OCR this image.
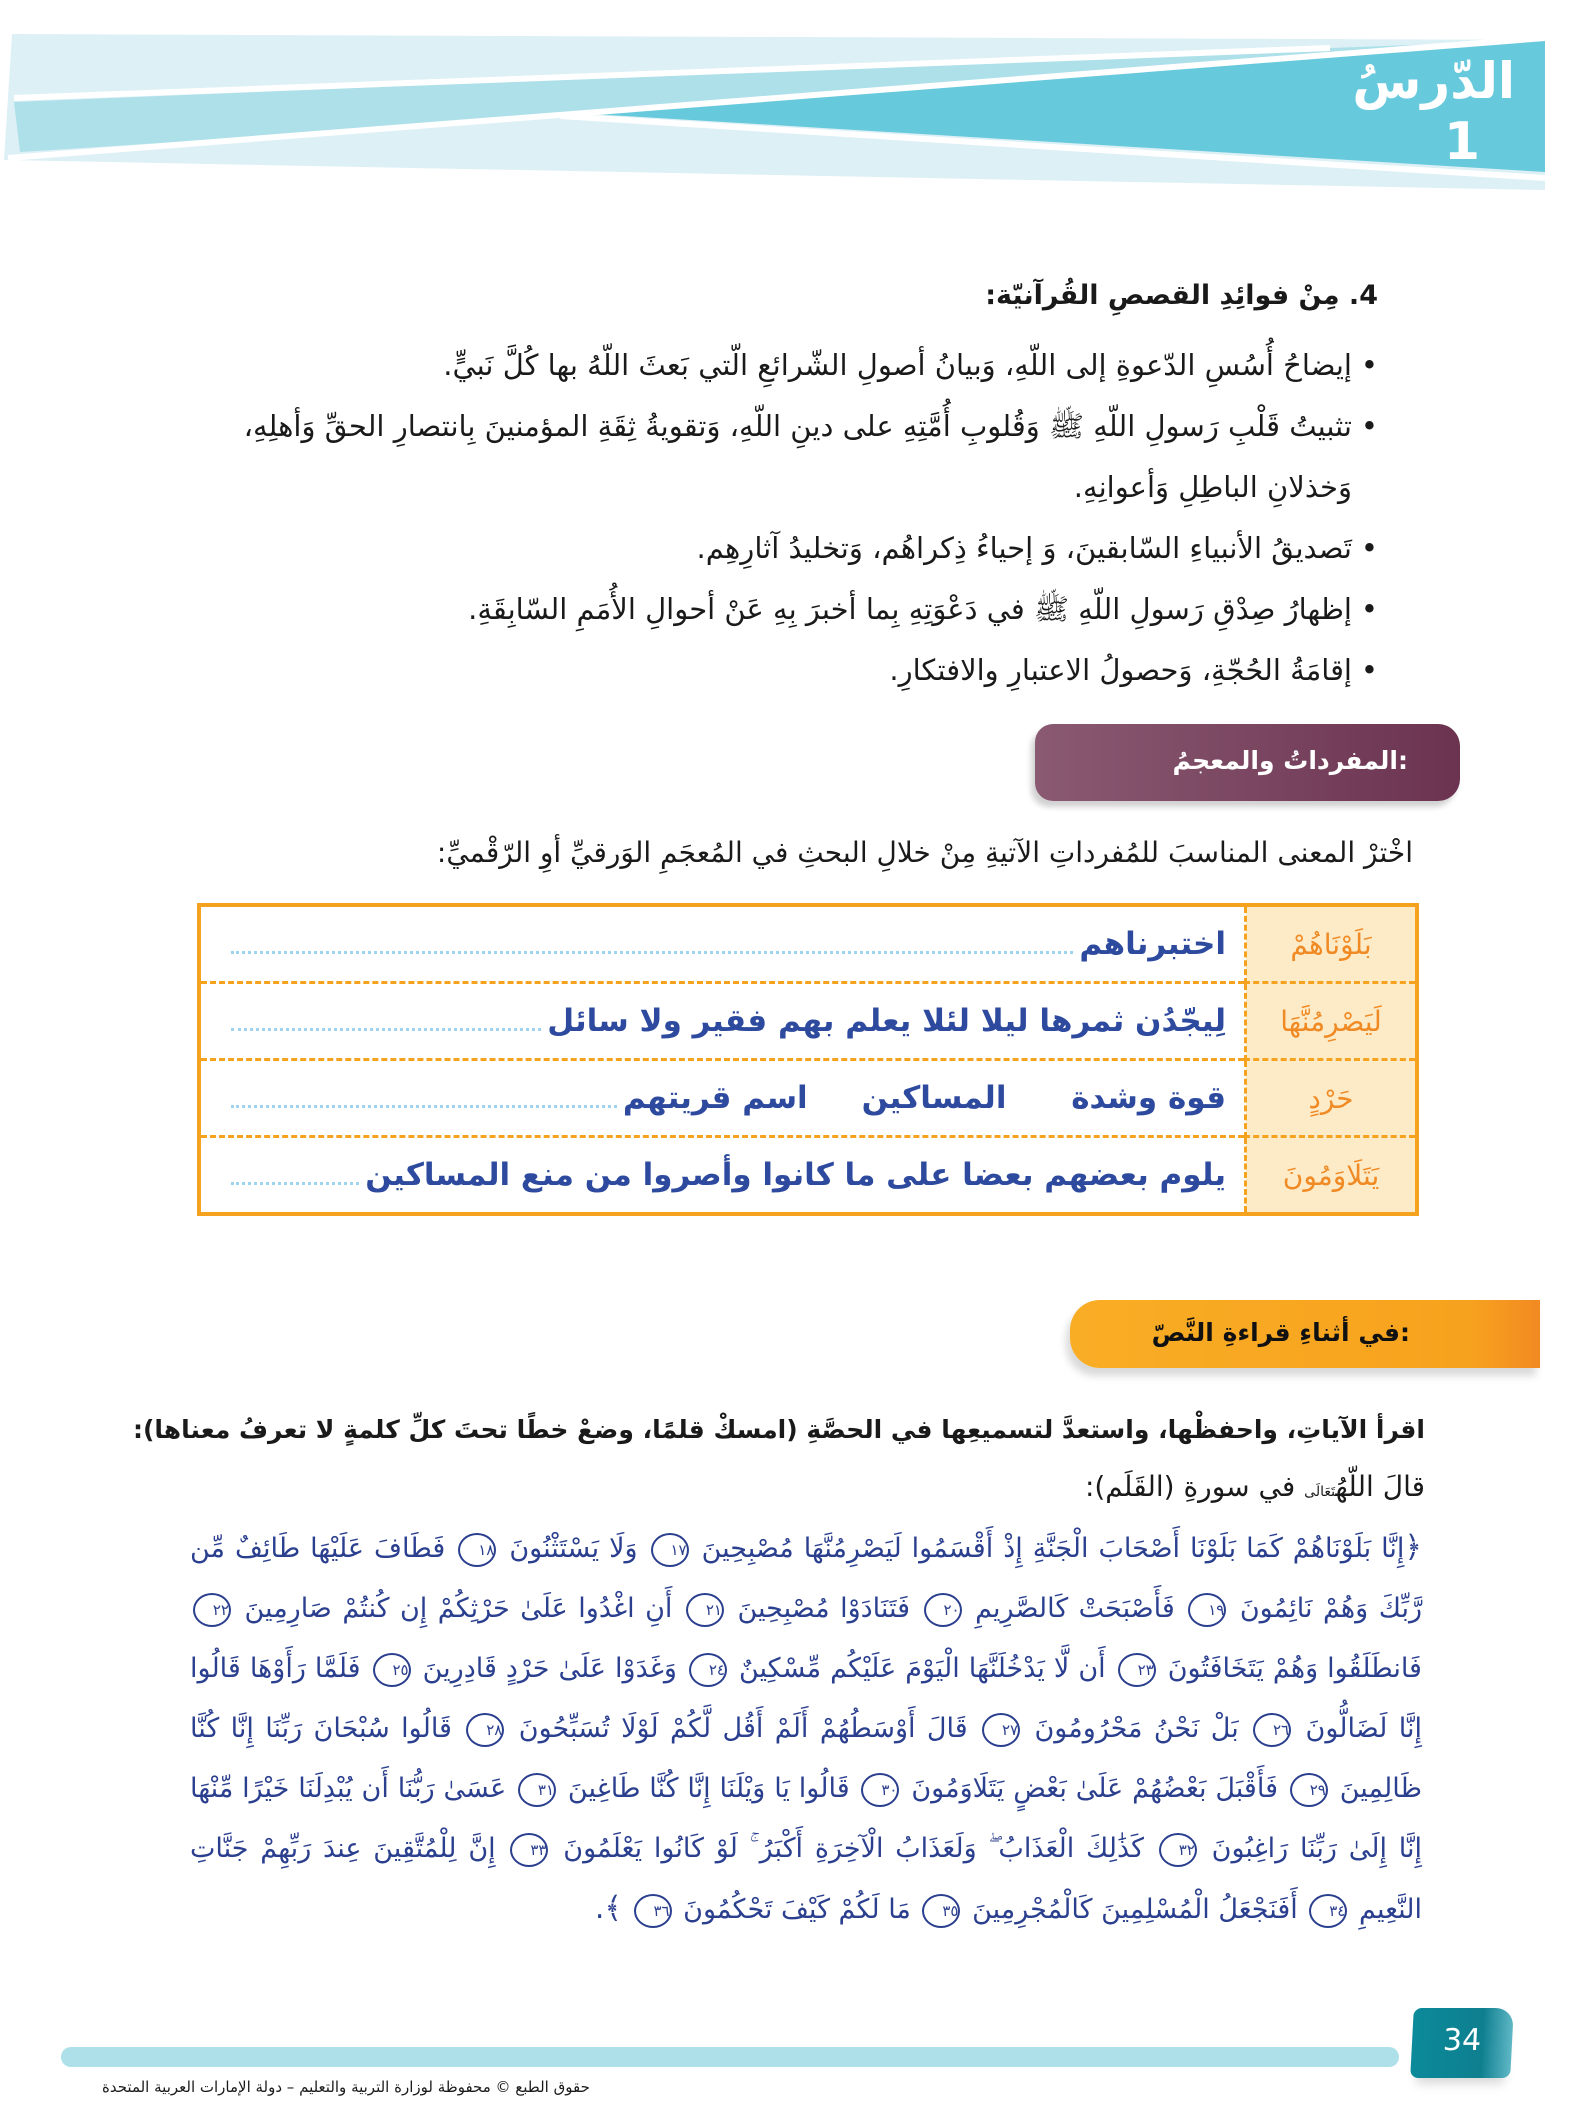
الدّرسُ
1
4. مِنْ فوائِدِ القصصِ القُرآنيّة:
• إيضاحُ أُسُسِ الدّعوةِ إلى اللّهِ، وَبيانُ أصولِ الشّرائعِ الّتي بَعثَ اللّهُ بها كُلَّ نَبيٍّ.
• تثبيتُ قَلْبِ رَسولِ اللّهِ ﷺ وَقُلوبِ أُمَّتِهِ على دينِ اللّهِ، وَتقويةُ ثِقَةِ المؤمنينَ بِانتصارِ الحقِّ وَأهلِهِ، وَخذلانِ الباطِلِ وَأعوانِهِ.
• تَصديقُ الأنبياءِ السّابقينَ، وَ إحياءُ ذِكراهُم، وَتخليدُ آثارِهِم.
• إظهارُ صِدْقِ رَسولِ اللّهِ ﷺ في دَعْوَتِهِ بِما أخبرَ بِهِ عَنْ أحوالِ الأُمَمِ السّابِقَةِ.
• إقامَةُ الحُجّةِ، وَحصولُ الاعتبارِ والافتكارِ.
المفرداتُ والمعجمُ:
اخْترْ المعنى المناسبَ للمُفرداتِ الآتيةِ مِنْ خلالِ البحثِ في المُعجَمِ الوَرقيِّ أوِ الرّقْميِّ:
بَلَوْنَاهُمْ	اختبرناهم

لَيَصْرِمُنَّهَا	لِيجّدُن ثمرها ليلا لئلا يعلم بهم فقير ولا سائل

حَرْدٍ	قوة وشدة      المساكين     اسم قريتهم

يَتَلَاوَمُونَ	يلوم بعضهم بعضا على ما كانوا وأصروا من منع المساكين
في أثناءِ قراءةِ النَّصّ:
اقرأ الآياتِ، واحفظْها، واستعدَّ لتسميعِها في الحصَّةِ (امسكْ قلمًا، وضعْ خطًا تحتَ كلِّ كلمةٍ لا تعرفُ معناها):
قالَ اللّهُتَعَالَى في سورةِ (القَلَم):
﴿إِنَّا بَلَوْنَاهُمْ كَمَا بَلَوْنَا أَصْحَابَ الْجَنَّةِ إِذْ أَقْسَمُوا لَيَصْرِمُنَّهَا مُصْبِحِينَ ١٧ وَلَا يَسْتَثْنُونَ ١٨ فَطَافَ عَلَيْهَا طَائِفٌ مِّن رَّبِّكَ وَهُمْ نَائِمُونَ ١٩ فَأَصْبَحَتْ كَالصَّرِيمِ ٢٠ فَتَنَادَوْا مُصْبِحِينَ ٢١ أَنِ اغْدُوا عَلَىٰ حَرْثِكُمْ إِن كُنتُمْ صَارِمِينَ ٢٢ فَانطَلَقُوا وَهُمْ يَتَخَافَتُونَ ٢٣ أَن لَّا يَدْخُلَنَّهَا الْيَوْمَ عَلَيْكُم مِّسْكِينٌ ٢٤ وَغَدَوْا عَلَىٰ حَرْدٍ قَادِرِينَ ٢٥ فَلَمَّا رَأَوْهَا قَالُوا إِنَّا لَضَالُّونَ ٢٦ بَلْ نَحْنُ مَحْرُومُونَ ٢٧ قَالَ أَوْسَطُهُمْ أَلَمْ أَقُل لَّكُمْ لَوْلَا تُسَبِّحُونَ ٢٨ قَالُوا سُبْحَانَ رَبِّنَا إِنَّا كُنَّا ظَالِمِينَ ٢٩ فَأَقْبَلَ بَعْضُهُمْ عَلَىٰ بَعْضٍ يَتَلَاوَمُونَ ٣٠ قَالُوا يَا وَيْلَنَا إِنَّا كُنَّا طَاغِينَ ٣١ عَسَىٰ رَبُّنَا أَن يُبْدِلَنَا خَيْرًا مِّنْهَا إِنَّا إِلَىٰ رَبِّنَا رَاغِبُونَ ٣٢ كَذَٰلِكَ الْعَذَابُ ۖ وَلَعَذَابُ الْآخِرَةِ أَكْبَرُ ۚ لَوْ كَانُوا يَعْلَمُونَ ٣٣ إِنَّ لِلْمُتَّقِينَ عِندَ رَبِّهِمْ جَنَّاتِ النَّعِيمِ ٣٤ أَفَنَجْعَلُ الْمُسْلِمِينَ كَالْمُجْرِمِينَ ٣٥ مَا لَكُمْ كَيْفَ تَحْكُمُونَ ٣٦ ﴾.
34
حقوق الطبع © محفوظة لوزارة التربية والتعليم – دولة الإمارات العربية المتحدة
